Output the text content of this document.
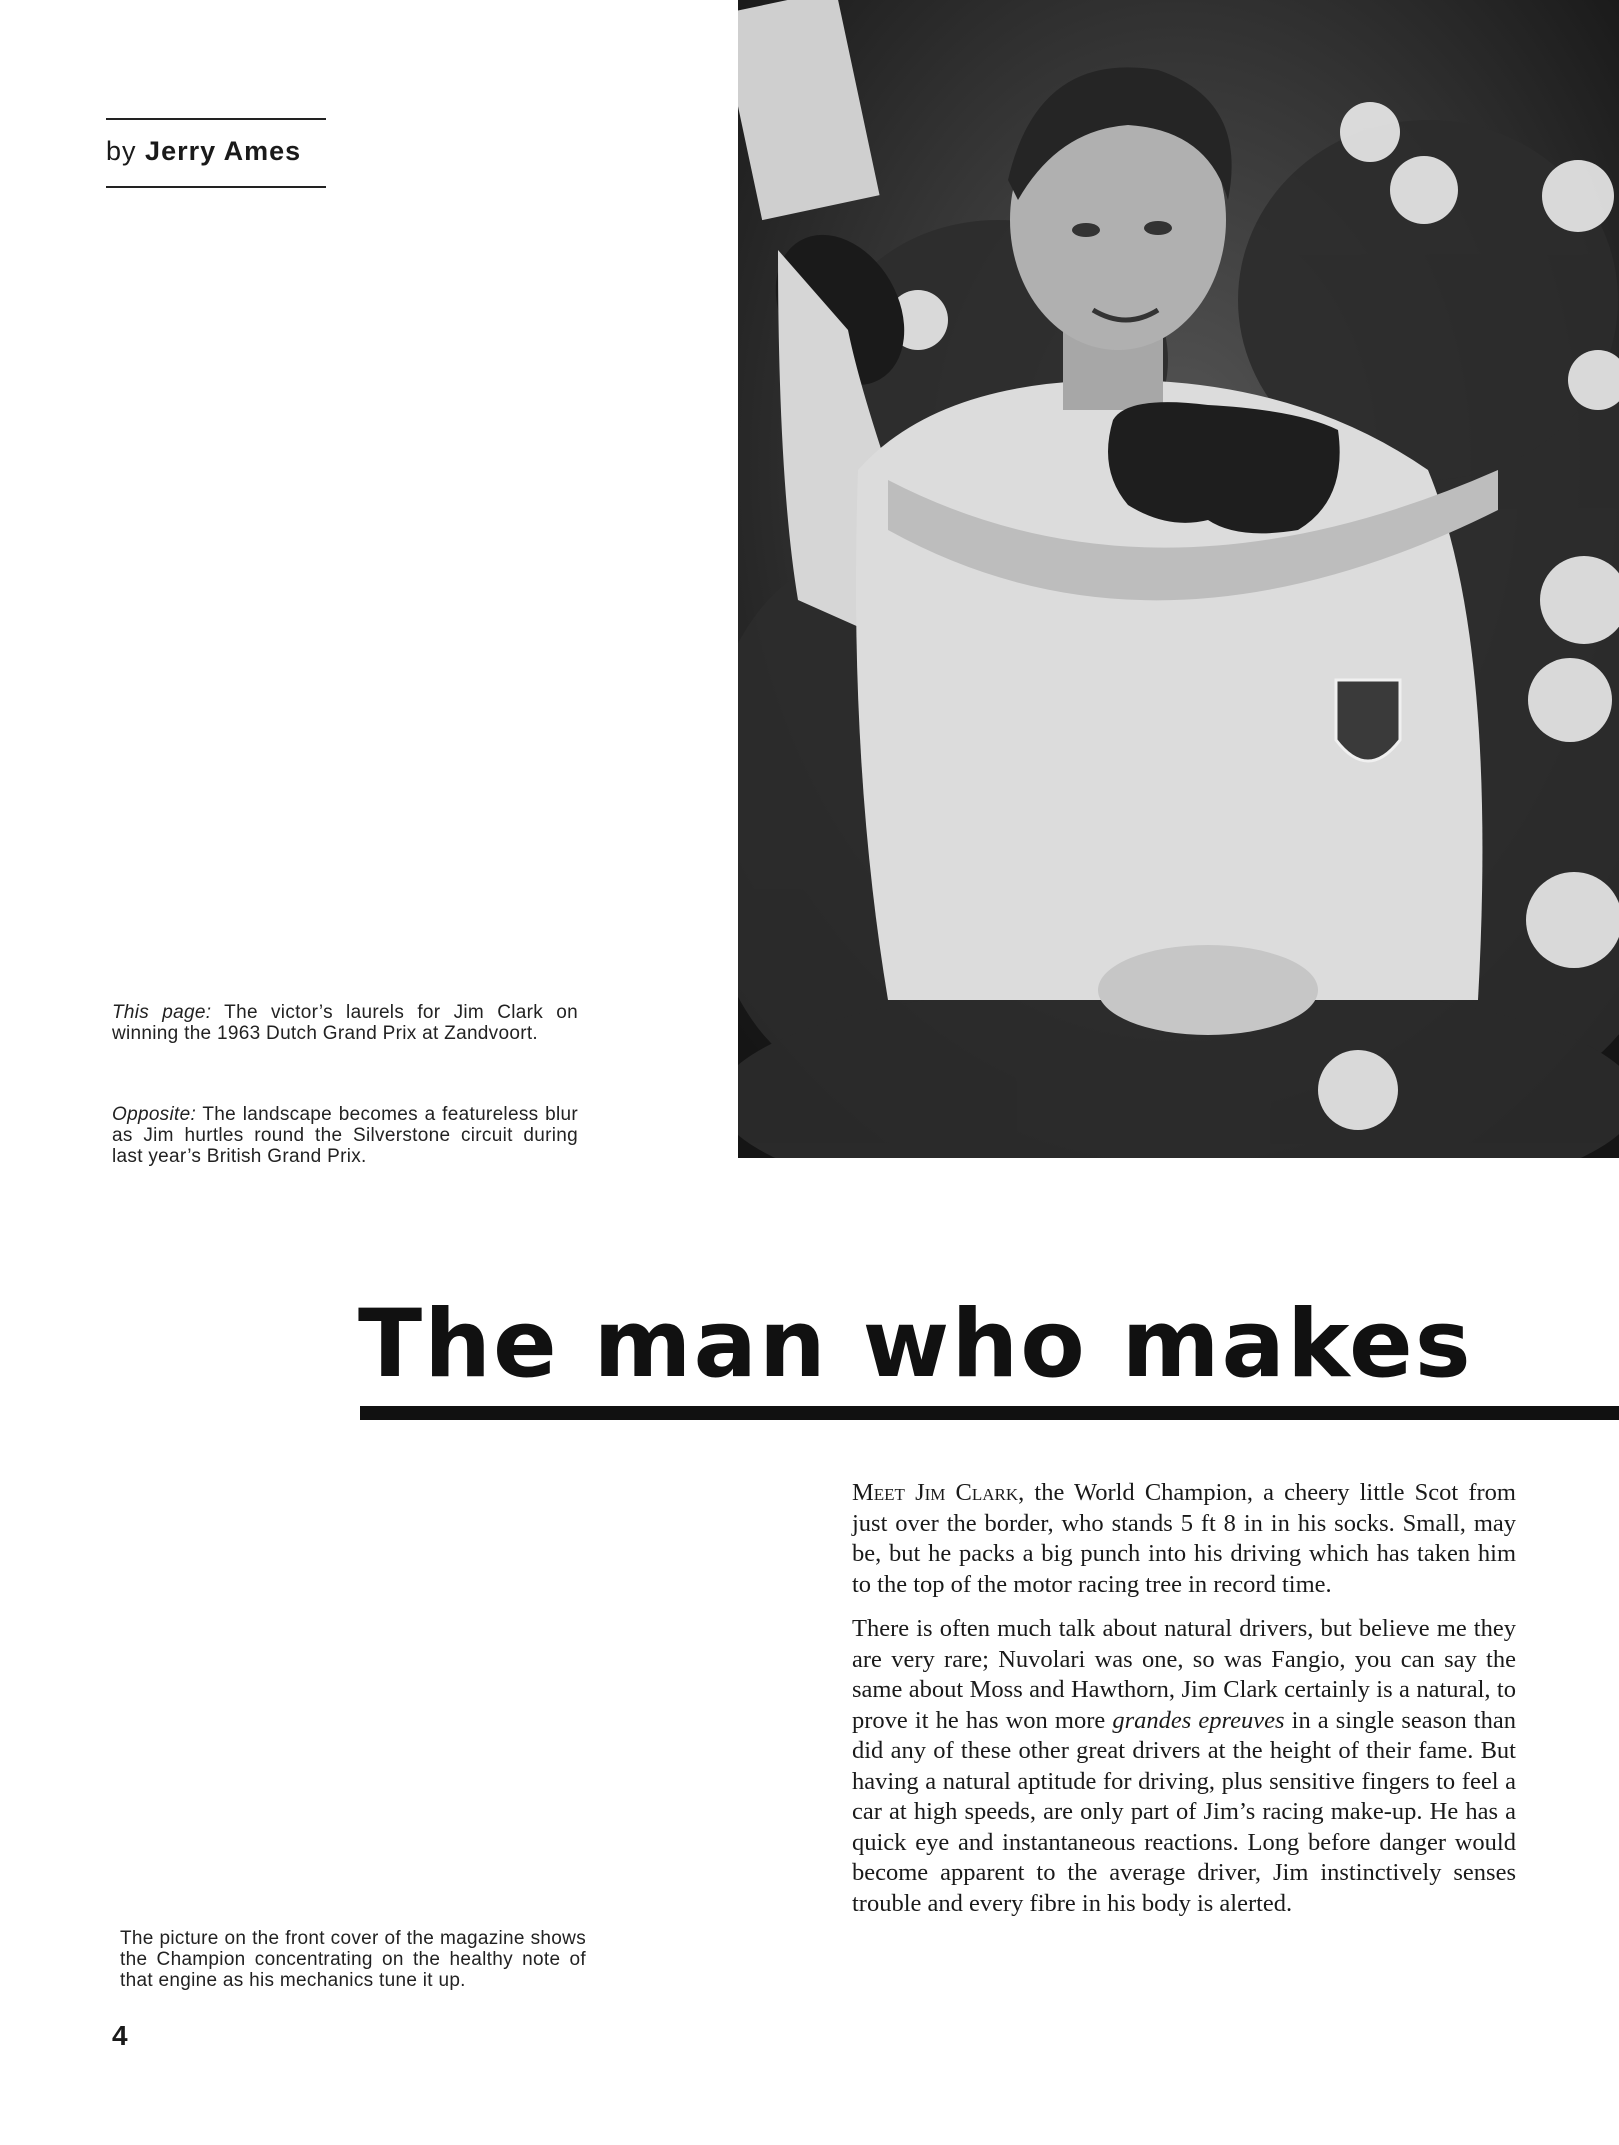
by Jerry Ames
This page: The victor’s laurels for Jim Clark on winning the 1963 Dutch Grand Prix at Zandvoort.
Opposite: The landscape becomes a featureless blur as Jim hurtles round the Silverstone circuit during last year’s British Grand Prix.
The man who makes

Meet Jim Clark, the World Champion, a cheery little Scot from just over the border, who stands 5 ft 8 in in his socks. Small, may be, but he packs a big punch into his driving which has taken him to the top of the motor racing tree in record time.

There is often much talk about natural drivers, but believe me they are very rare; Nuvolari was one, so was Fangio, you can say the same about Moss and Hawthorn, Jim Clark certainly is a natural, to prove it he has won more grandes epreuves in a single season than did any of these other great drivers at the height of their fame. But having a natural aptitude for driving, plus sensitive fingers to feel a car at high speeds, are only part of Jim’s racing make-up. He has a quick eye and instantaneous reactions. Long before danger would become apparent to the average driver, Jim instinctively senses trouble and every fibre in his body is alerted.

The picture on the front cover of the magazine shows the Champion concentrating on the healthy note of that engine as his mechanics tune it up.
4
